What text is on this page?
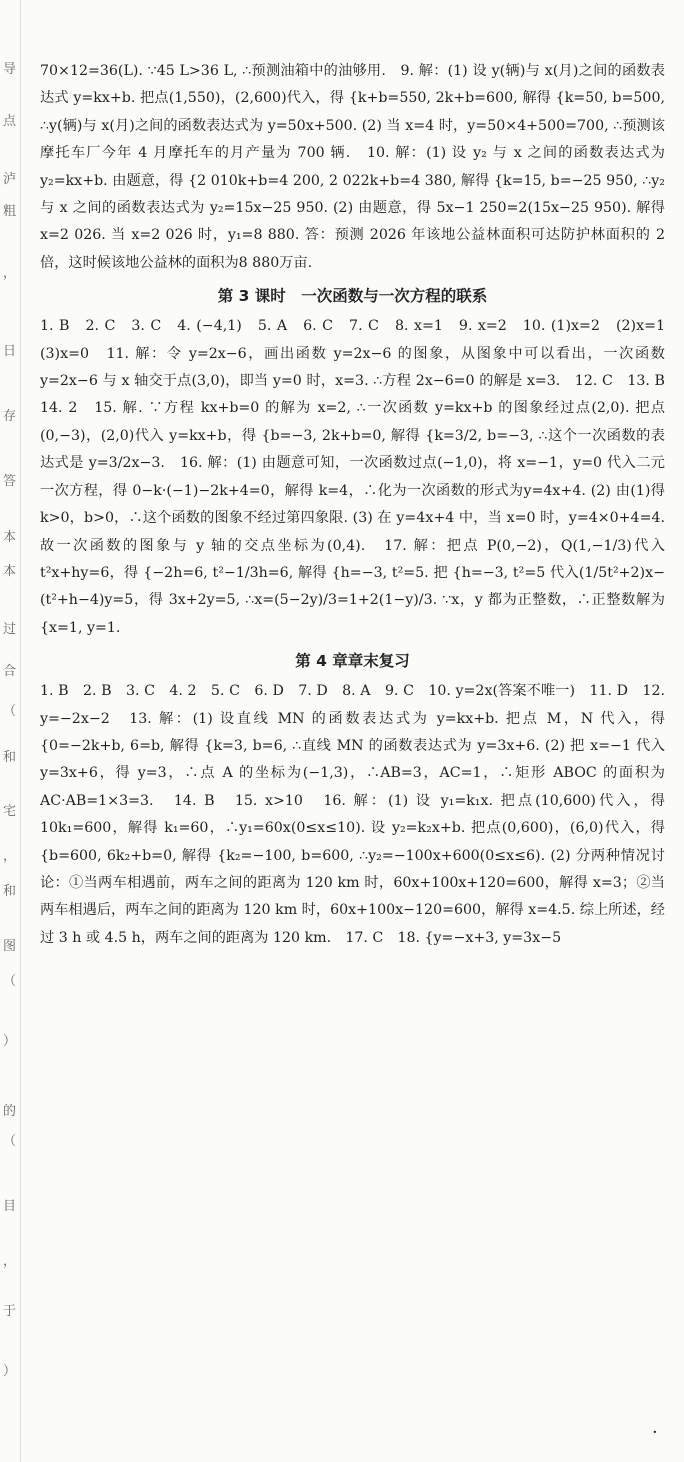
导
点
泸
粗
，
日
存
答
本
本
过
合
（
和
宅
，
和
图
（
）
的
（
目
，
于
）

70×12=36(L). ∵45 L>36 L, ∴预测油箱中的油够用.　9. 解：(1) 设 y(辆)与 x(月)之间的函数表达式 y=kx+b. 把点(1,550)，(2,600)代入，得 {k+b=550, 2k+b=600, 解得 {k=50, b=500, ∴y(辆)与 x(月)之间的函数表达式为 y=50x+500. (2) 当 x=4 时，y=50×4+500=700, ∴预测该摩托车厂今年 4 月摩托车的月产量为 700 辆.　10. 解：(1) 设 y₂ 与 x 之间的函数表达式为 y₂=kx+b. 由题意，得 {2 010k+b=4 200, 2 022k+b=4 380, 解得 {k=15, b=−25 950, ∴y₂ 与 x 之间的函数表达式为 y₂=15x−25 950. (2) 由题意，得 5x−1 250=2(15x−25 950). 解得 x=2 026. 当 x=2 026 时，y₁=8 880. 答：预测 2026 年该地公益林面积可达防护林面积的 2 倍，这时候该地公益林的面积为8 880万亩.

第 3 课时　一次函数与一次方程的联系

1. B　2. C　3. C　4. (−4,1)　5. A　6. C　7. C　8. x=1　9. x=2　10. (1)x=2　(2)x=1　(3)x=0　11. 解：令 y=2x−6，画出函数 y=2x−6 的图象，从图象中可以看出，一次函数 y=2x−6 与 x 轴交于点(3,0)，即当 y=0 时，x=3. ∴方程 2x−6=0 的解是 x=3.　12. C　13. B　14. 2　15. 解. ∵方程 kx+b=0 的解为 x=2, ∴一次函数 y=kx+b 的图象经过点(2,0). 把点(0,−3)，(2,0)代入 y=kx+b，得 {b=−3, 2k+b=0, 解得 {k=3/2, b=−3, ∴这个一次函数的表达式是 y=3/2x−3.　16. 解：(1) 由题意可知，一次函数过点(−1,0)，将 x=−1，y=0 代入二元一次方程，得 0−k·(−1)−2k+4=0，解得 k=4，∴化为一次函数的形式为y=4x+4. (2) 由(1)得 k>0，b>0，∴这个函数的图象不经过第四象限. (3) 在 y=4x+4 中，当 x=0 时，y=4×0+4=4. 故一次函数的图象与 y 轴的交点坐标为(0,4).　17. 解：把点 P(0,−2)，Q(1,−1/3)代入 t²x+hy=6，得 {−2h=6, t²−1/3h=6, 解得 {h=−3, t²=5. 把 {h=−3, t²=5 代入(1/5t²+2)x−(t²+h−4)y=5，得 3x+2y=5, ∴x=(5−2y)/3=1+2(1−y)/3. ∵x，y 都为正整数，∴正整数解为 {x=1, y=1.

第 4 章章末复习

1. B　2. B　3. C　4. 2　5. C　6. D　7. D　8. A　9. C　10. y=2x(答案不唯一)　11. D　12. y=−2x−2　13. 解：(1) 设直线 MN 的函数表达式为 y=kx+b. 把点 M，N 代入，得 {0=−2k+b, 6=b, 解得 {k=3, b=6, ∴直线 MN 的函数表达式为 y=3x+6. (2) 把 x=−1 代入 y=3x+6，得 y=3，∴点 A 的坐标为(−1,3)，∴AB=3，AC=1，∴矩形 ABOC 的面积为 AC·AB=1×3=3.　14. B　15. x>10　16. 解：(1) 设 y₁=k₁x. 把点(10,600)代入，得 10k₁=600，解得 k₁=60，∴y₁=60x(0≤x≤10). 设 y₂=k₂x+b. 把点(0,600)，(6,0)代入，得 {b=600, 6k₂+b=0, 解得 {k₂=−100, b=600, ∴y₂=−100x+600(0≤x≤6). (2) 分两种情况讨论：①当两车相遇前，两车之间的距离为 120 km 时，60x+100x+120=600，解得 x=3；②当两车相遇后，两车之间的距离为 120 km 时，60x+100x−120=600，解得 x=4.5. 综上所述，经过 3 h 或 4.5 h，两车之间的距离为 120 km.　17. C　18. {y=−x+3, y=3x−5

·
